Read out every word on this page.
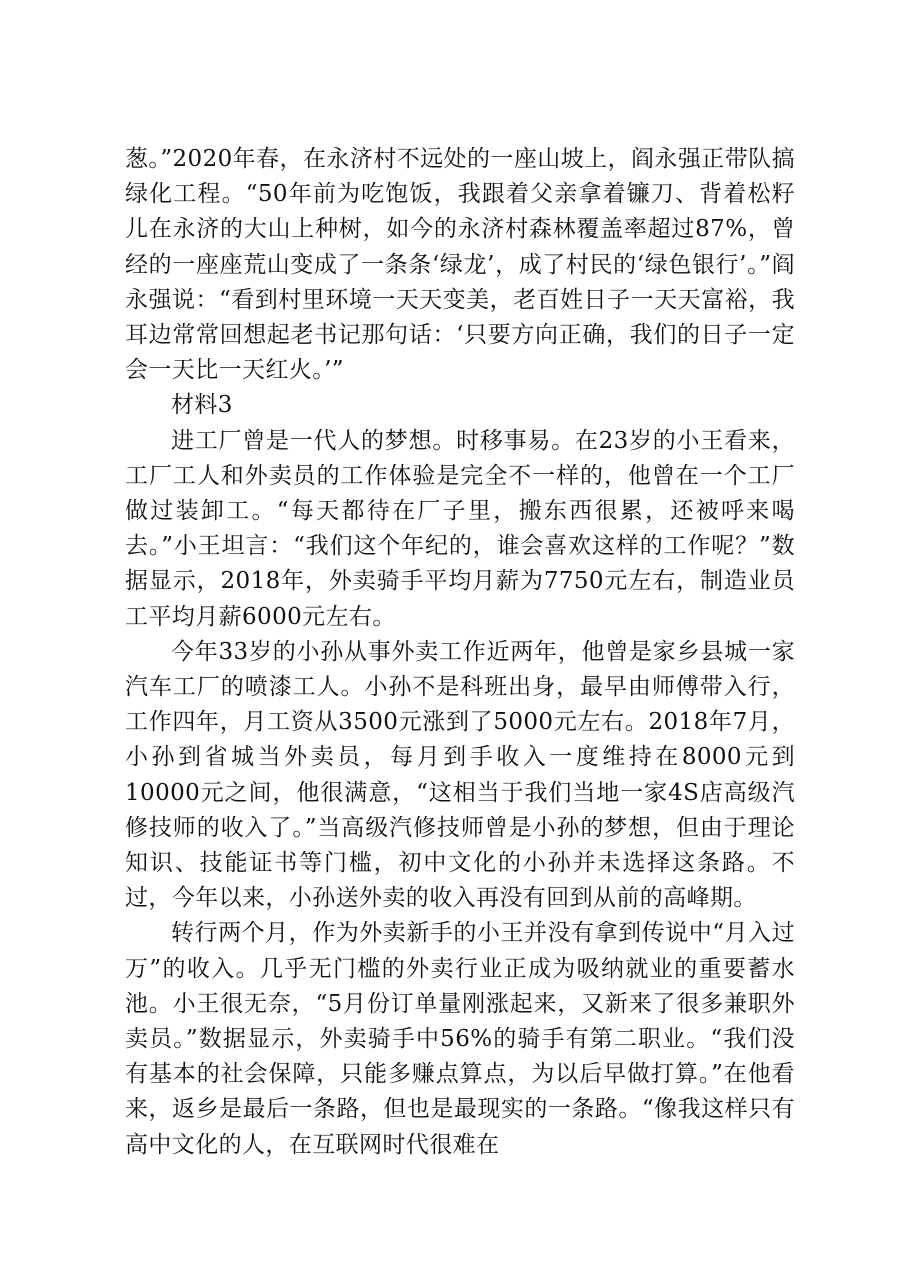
葱。”2020年春，在永济村不远处的一座山坡上，阎永强正带队搞绿化工程。“50年前为吃饱饭，我跟着父亲拿着镰刀、背着松籽儿在永济的大山上种树，如今的永济村森林覆盖率超过87%，曾经的一座座荒山变成了一条条‘绿龙’，成了村民的‘绿色银行’。”阎永强说：“看到村里环境一天天变美，老百姓日子一天天富裕，我耳边常常回想起老书记那句话：‘只要方向正确，我们的日子一定会一天比一天红火。’”

材料3

进工厂曾是一代人的梦想。时移事易。在23岁的小王看来，工厂工人和外卖员的工作体验是完全不一样的，他曾在一个工厂做过装卸工。“每天都待在厂子里，搬东西很累，还被呼来喝去。”小王坦言：“我们这个年纪的，谁会喜欢这样的工作呢？”数据显示，2018年，外卖骑手平均月薪为7750元左右，制造业员工平均月薪6000元左右。

今年33岁的小孙从事外卖工作近两年，他曾是家乡县城一家汽车工厂的喷漆工人。小孙不是科班出身，最早由师傅带入行，工作四年，月工资从3500元涨到了5000元左右。2018年7月，小孙到省城当外卖员，每月到手收入一度维持在8000元到10000元之间，他很满意，“这相当于我们当地一家4S店高级汽修技师的收入了。”当高级汽修技师曾是小孙的梦想，但由于理论知识、技能证书等门槛，初中文化的小孙并未选择这条路。不过，今年以来，小孙送外卖的收入再没有回到从前的高峰期。

转行两个月，作为外卖新手的小王并没有拿到传说中“月入过万”的收入。几乎无门槛的外卖行业正成为吸纳就业的重要蓄水池。小王很无奈，“5月份订单量刚涨起来，又新来了很多兼职外卖员。”数据显示，外卖骑手中56%的骑手有第二职业。“我们没有基本的社会保障，只能多赚点算点，为以后早做打算。”在他看来，返乡是最后一条路，但也是最现实的一条路。“像我这样只有高中文化的人，在互联网时代很难在
